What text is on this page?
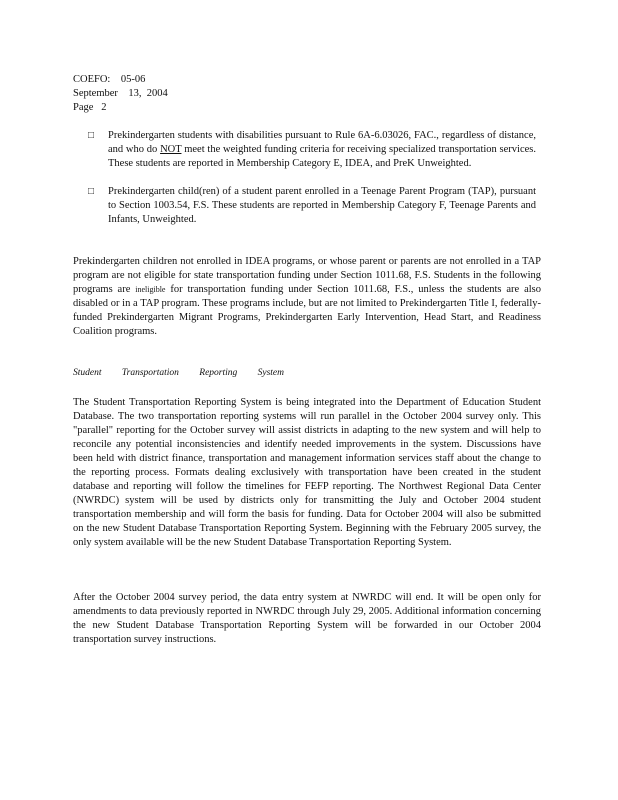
COEFO:    05-06
September    13,  2004
Page   2
□	Prekindergarten students with disabilities pursuant to Rule 6A-6.03026, FAC., regardless of distance, and who do NOT meet the weighted funding criteria for receiving specialized transportation services. These students are reported in Membership Category E, IDEA, and PreK Unweighted.
□	Prekindergarten child(ren) of a student parent enrolled in a Teenage Parent Program (TAP), pursuant to Section 1003.54, F.S. These students are reported in Membership Category F, Teenage Parents and Infants, Unweighted.
Prekindergarten children not enrolled in IDEA programs, or whose parent or parents are not enrolled in a TAP program are not eligible for state transportation funding under Section 1011.68, F.S. Students in the following programs are ineligible for transportation funding under Section 1011.68, F.S., unless the students are also disabled or in a TAP program. These programs include, but are not limited to Prekindergarten Title I, federally-funded Prekindergarten Migrant Programs, Prekindergarten Early Intervention, Head Start, and Readiness Coalition programs.
Student Transportation Reporting System
The Student Transportation Reporting System is being integrated into the Department of Education Student Database. The two transportation reporting systems will run parallel in the October 2004 survey only. This "parallel" reporting for the October survey will assist districts in adapting to the new system and will help to reconcile any potential inconsistencies and identify needed improvements in the system. Discussions have been held with district finance, transportation and management information services staff about the change to the reporting process. Formats dealing exclusively with transportation have been created in the student database and reporting will follow the timelines for FEFP reporting. The Northwest Regional Data Center (NWRDC) system will be used by districts only for transmitting the July and October 2004 student transportation membership and will form the basis for funding. Data for October 2004 will also be submitted on the new Student Database Transportation Reporting System. Beginning with the February 2005 survey, the only system available will be the new Student Database Transportation Reporting System.
After the October 2004 survey period, the data entry system at NWRDC will end. It will be open only for amendments to data previously reported in NWRDC through July 29, 2005. Additional information concerning the new Student Database Transportation Reporting System will be forwarded in our October 2004 transportation survey instructions.
